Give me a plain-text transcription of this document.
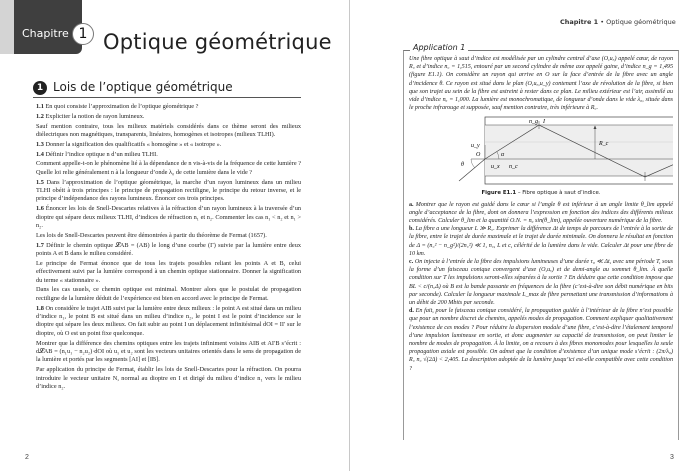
Chapitre 1 Optique géométrique
1 Lois de l’optique géométrique

1.1 En quoi consiste l’approximation de l’optique géométrique ?

1.2 Expliciter la notion de rayon lumineux.

Sauf mention contraire, tous les milieux matériels considérés dans ce thème seront des milieux diélectriques non magnétiques, transparents, linéaires, homogènes et isotropes (milieux TLHI).

1.3 Donner la signification des qualificatifs « homogène » et « isotrope ».

1.4 Définir l’indice optique n d’un milieu TLHI.

Comment appelle-t-on le phénomène lié à la dépendance de n vis-à-vis de la fréquence de cette lumière ? Quelle loi relie généralement n à la longueur d’onde λ₀ de cette lumière dans le vide ?

1.5 Dans l’approximation de l’optique géométrique, la marche d’un rayon lumineux dans un milieu TLHI obéit à trois principes : le principe de propagation rectiligne, le principe du retour inverse, et le principe d’indépendance des rayons lumineux. Énoncer ces trois principes.

1.6 Énoncer les lois de Snell-Descartes relatives à la réfraction d’un rayon lumineux à la traversée d’un dioptre qui sépare deux milieux TLHI, d’indices de réfraction n₁ et n₂. Commenter les cas n₁ < n₂ et n₁ > n₂.

Les lois de Snell-Descartes peuvent être démontrées à partir du théorème de Fermat (1657).

1.7 Définir le chemin optique 𝓛AB = (AB) le long d’une courbe (Γ) suivie par la lumière entre deux points A et B dans le milieu considéré.

Le principe de Fermat énonce que de tous les trajets possibles reliant les points A et B, celui effectivement suivi par la lumière correspond à un chemin optique stationnaire. Donner la signification du terme « stationnaire ».

Dans les cas usuels, ce chemin optique est minimal. Montrer alors que le postulat de propagation rectiligne de la lumière déduit de l’expérience est bien en accord avec le principe de Fermat.

1.8 On considère le trajet AIB suivi par la lumière entre deux milieux : le point A est situé dans un milieu d’indice n₁, le point B est situé dans un milieu d’indice n₂, le point I est le point d’incidence sur le dioptre qui sépare les deux milieux. On fait subir au point I un déplacement infinitésimal dOI = II′ sur le dioptre, où O est un point fixe quelconque.

Montrer que la différence des chemins optiques entre les trajets infiniment voisins AIB et AI′B s’écrit : d𝓛AB = (n₁u₁ − n₂u₂)·dOI où u₁ et u₂ sont les vecteurs unitaires orientés dans le sens de propagation de la lumière et portés par les segments [AI] et [IB].

Par application du principe de Fermat, établir les lois de Snell-Descartes pour la réfraction. On pourra introduire le vecteur unitaire N, normal au dioptre en I et dirigé du milieu d’indice n₁ vers le milieu d’indice n₂.

2
Chapitre 1 • Optique géométrique
Application 1

Une fibre optique à saut d’indice est modélisée par un cylindre central d’axe (O,uₓ) appelé cœur, de rayon R꜀ et d’indice n꜀ = 1,515, entouré par un second cylindre de même axe appelé gaine, d’indice n_g = 1,495 (figure E1.1). On considère un rayon qui arrive en O sur la face d’entrée de la fibre avec un angle d’incidence θ. Ce rayon est situé dans le plan (O,uₓ,u_y) contenant l’axe de révolution de la fibre, si bien que son trajet au sein de la fibre est astreint à rester dans ce plan. Le milieu extérieur est l’air, assimilé au vide d’indice nₐ = 1,000. La lumière est monochromatique, de longueur d’onde dans le vide λ₀, située dans le proche infrarouge et supposée, sauf mention contraire, très inférieure à R꜀.

n_g I
u_y
O	α
R_c
θ	u_x n_c
Figure E1.1 – Fibre optique à saut d’indice.

a. Montrer que le rayon est guidé dans le cœur si l’angle θ est inférieur à un angle limite θ_lim appelé angle d’acceptance de la fibre, dont on donnera l’expression en fonction des indices des différents milieux considérés. Calculer θ_lim et la quantité O.N. = nₐ sin(θ_lim), appelée ouverture numérique de la fibre.

b. La fibre a une longueur L ≫ R꜀. Exprimer la différence Δt de temps de parcours de l’entrée à la sortie de la fibre, entre le trajet de durée maximale et le trajet de durée minimale. On donnera le résultat en fonction de Δ = (n꜀² − n_g²)/(2n꜀²) ≪ 1, n꜀, L et c, célérité de la lumière dans le vide. Calculer Δt pour une fibre de 10 km.

c. On injecte à l’entrée de la fibre des impulsions lumineuses d’une durée τ₀ ≪ Δt, avec une période T, sous la forme d’un faisceau conique convergent d’axe (O,uₓ) et de demi-angle au sommet θ_lim. À quelle condition sur T les impulsions seront-elles séparées à la sortie ? En déduire que cette condition impose que BL < c/(n꜀Δ) où B est la bande passante en fréquences de la fibre (c’est-à-dire son débit numérique en bits par seconde). Calculer la longueur maximale L_max de fibre permettant une transmission d’informations à un débit de 200 Mbits par seconde.

d. En fait, pour le faisceau conique considéré, la propagation guidée à l’intérieur de la fibre n’est possible que pour un nombre discret de chemins, appelés modes de propagation. Comment expliquer qualitativement l’existence de ces modes ? Pour réduire la dispersion modale d’une fibre, c’est-à-dire l’étalement temporel d’une impulsion lumineuse en sortie, et donc augmenter sa capacité de transmission, on peut limiter le nombre de modes de propagation. À la limite, on a recours à des fibres monomodes pour lesquelles la seule propagation axiale est possible. On admet que la condition d’existence d’un unique mode s’écrit : (2π/λ₀) R꜀ n꜀ √(2Δ) < 2,405. La description adoptée de la lumière jusqu’ici est-elle compatible avec cette condition ?

3
